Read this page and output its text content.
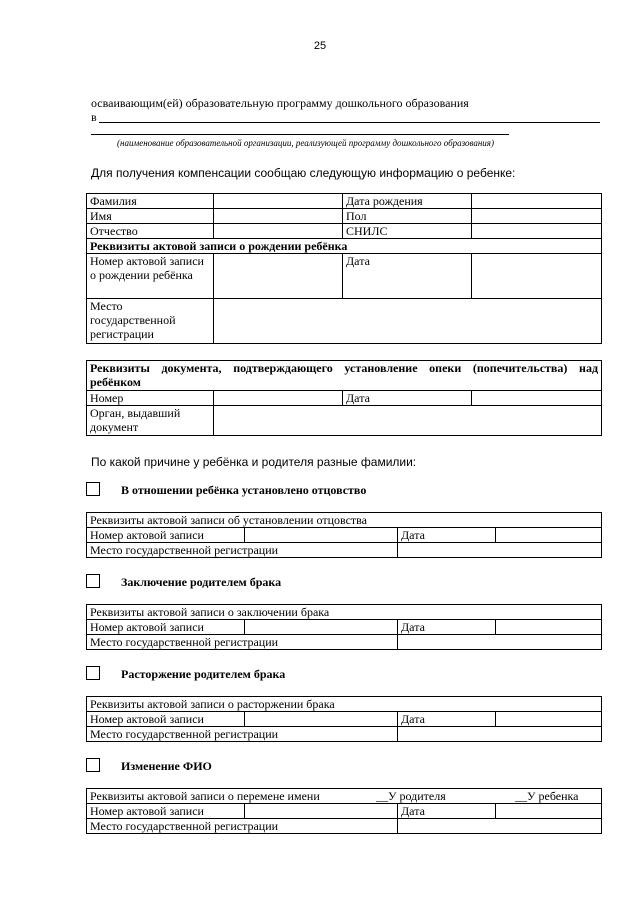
25
осваивающим(ей) образовательную программу дошкольного образования
в
(наименование образовательной организации, реализующей программу дошкольного образования)
Для получения компенсации сообщаю следующую информацию о ребенке:
Фамилия		Дата рождения	
Имя		Пол	
Отчество		СНИЛС	
Реквизиты актовой записи о рождении ребёнка			
Номер актовой записи о рождении ребёнка		Дата	
Место государственной регистрации			
Реквизиты документа, подтверждающего установление опеки (попечительства) над ребёнком			
Номер		Дата	
Орган, выдавший документ			
По какой причине у ребёнка и родителя разные фамилии:
В отношении ребёнка установлено отцовство
Реквизиты актовой записи об установлении отцовства			
Номер актовой записи		Дата	
Место государственной регистрации			
Заключение родителем брака
Реквизиты актовой записи о заключении брака			
Номер актовой записи		Дата	
Место государственной регистрации			
Расторжение родителем брака
Реквизиты актовой записи о расторжении брака			
Номер актовой записи		Дата	
Место государственной регистрации			
Изменение ФИО
Реквизиты актовой записи о перемене имени __У родителя __У ребенка			

Номер актовой записи		Дата	
Место государственной регистрации			
